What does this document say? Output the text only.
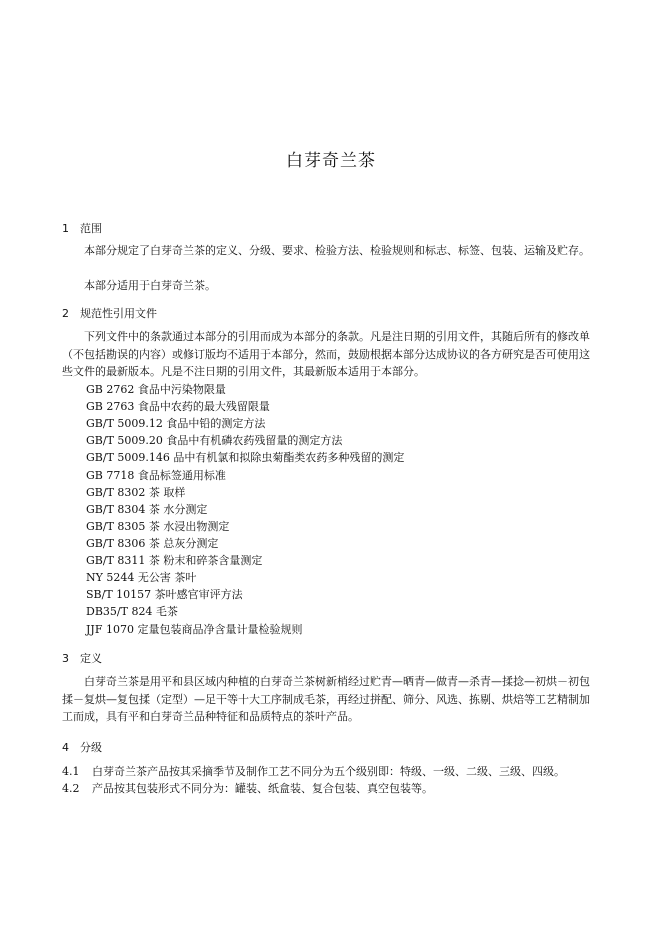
白芽奇兰茶
1 范围
本部分规定了白芽奇兰茶的定义、分级、要求、检验方法、检验规则和标志、标签、包装、运输及贮存。
本部分适用于白芽奇兰茶。
2 规范性引用文件
下列文件中的条款通过本部分的引用而成为本部分的条款。凡是注日期的引用文件，其随后所有的修改单（不包括勘误的内容）或修订版均不适用于本部分，然而，鼓励根据本部分达成协议的各方研究是否可使用这些文件的最新版本。凡是不注日期的引用文件，其最新版本适用于本部分。
GB 2762 食品中污染物限量
GB 2763 食品中农药的最大残留限量
GB/T 5009.12 食品中铅的测定方法
GB/T 5009.20 食品中有机磷农药残留量的测定方法
GB/T 5009.146 品中有机氯和拟除虫菊酯类农药多种残留的测定
GB 7718 食品标签通用标准
GB/T 8302 茶 取样
GB/T 8304 茶 水分测定
GB/T 8305 茶 水浸出物测定
GB/T 8306 茶 总灰分测定
GB/T 8311 茶 粉末和碎茶含量测定
NY 5244 无公害 茶叶
SB/T 10157 茶叶感官审评方法
DB35/T 824 毛茶
JJF 1070 定量包装商品净含量计量检验规则
3 定义
白芽奇兰茶是用平和县区域内种植的白芽奇兰茶树新梢经过贮青—晒青—做青—杀青—揉捻—初烘－初包揉－复烘—复包揉（定型）—足干等十大工序制成毛茶，再经过拼配、筛分、风选、拣剔、烘焙等工艺精制加工而成，具有平和白芽奇兰品种特征和品质特点的茶叶产品。
4 分级
4.1 白芽奇兰茶产品按其采摘季节及制作工艺不同分为五个级别即：特级、一级、二级、三级、四级。
4.2 产品按其包装形式不同分为：罐装、纸盒装、复合包装、真空包装等。
